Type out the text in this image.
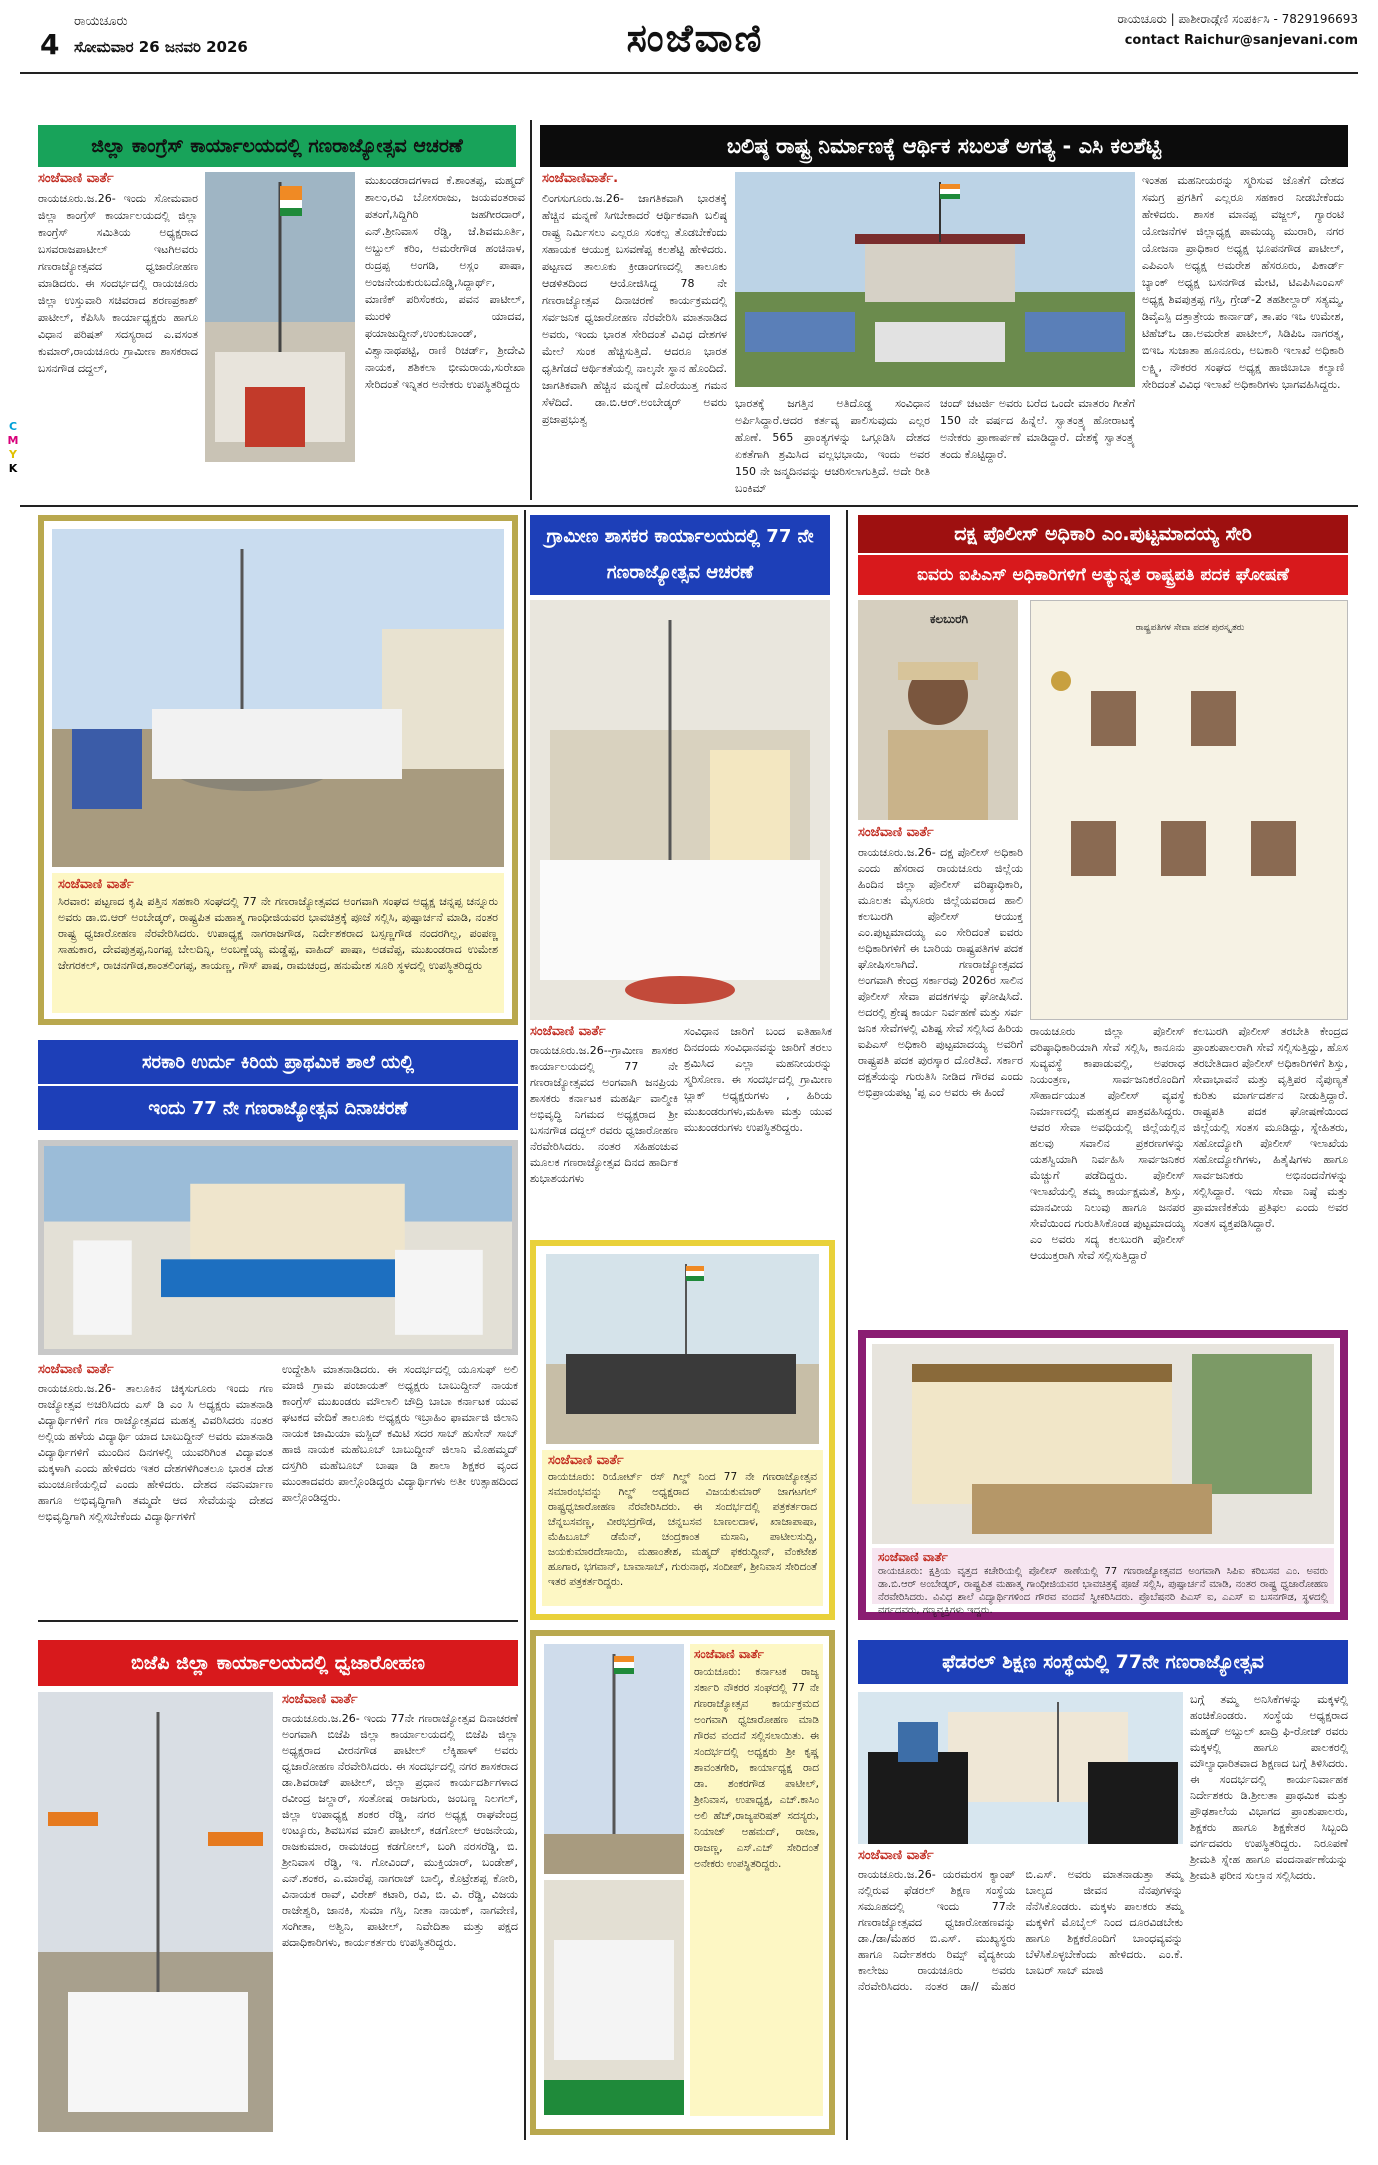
4
ರಾಯಚೂರು
ಸೋಮವಾರ 26 ಜನವರಿ 2026	ಸಂಜೆವಾಣಿ	ರಾಯಚೂರು | ಪಾಶೀರಾಡ್ಗೆಣಿ ಸಂಪರ್ಕಿಸಿ - 7829196693
contact Raichur@sanjevani.com
C
M
Y
K
ಜಿಲ್ಲಾ ಕಾಂಗ್ರೆಸ್ ಕಾರ್ಯಾಲಯದಲ್ಲಿ ಗಣರಾಜ್ಯೋತ್ಸವ ಆಚರಣೆ
ಸಂಜೆವಾಣಿ ವಾರ್ತೆ
ರಾಯಚೂರು.ಜ.26- ಇಂದು ಸೋಮವಾರ ಜಿಲ್ಲಾ ಕಾಂಗ್ರೆಸ್ ಕಾರ್ಯಾಲಯದಲ್ಲಿ ಜಿಲ್ಲಾ ಕಾಂಗ್ರೆಸ್ ಸಮಿತಿಯ ಅಧ್ಯಕ್ಷರಾದ ಬಸವರಾಜಪಾಟೀಲ್ ಇಟಗಿಅವರು ಗಣರಾಜ್ಯೋತ್ಸವದ ಧ್ವಜಾರೋಹಣ ಮಾಡಿದರು. ಈ ಸಂದರ್ಭದಲ್ಲಿ ರಾಯಚೂರು ಜಿಲ್ಲಾ ಉಸ್ತುವಾರಿ ಸಚಿವರಾದ ಶರಣಪ್ರಕಾಶ್ ಪಾಟೀಲ್, ಕೆಪಿಸಿಸಿ ಕಾರ್ಯಾಧ್ಯಕ್ಷರು ಹಾಗೂ ವಿಧಾನ ಪರಿಷತ್ ಸದಸ್ಯರಾದ ಎ.ವಸಂತ ಕುಮಾರ್,ರಾಯಚೂರು ಗ್ರಾಮೀಣ ಶಾಸಕರಾದ ಬಸನಗೌಡ ದದ್ದಲ್,
ಮುಖಂಡರಾದಗಳಾದ ಕೆ.ಶಾಂತಪ್ಪ, ಮಹ್ಮದ್ ಶಾಲಂ,ರವಿ ಬೋಸರಾಜು, ಜಯವಂತರಾವ ಪತಂಗೆ,ಸಿದ್ದಿಗಿರಿ ಜಹಗೀರದಾರ್, ಎನ್.ಶ್ರೀನಿವಾಸ ರೆಡ್ಡಿ, ಜೆ.ಶಿವಮೂರ್ತಿ, ಅಬ್ದುಲ್ ಕರಿಂ, ಅಮರೇಗೌಡ ಹಂಚಿನಾಳ, ರುದ್ರಪ್ಪ ಅಂಗಡಿ, ಅಸ್ಲಂ ಪಾಷಾ, ಅಂಜನೇಯಕುರುಬದೊಡ್ಡಿ,ಸಿದ್ದಾರ್ಥ್, ಮಾಣಿಕ್ ಪರಿಸೆಂಕರು, ಪವನ ಪಾಟೀಲ್, ಮುರಳಿ ಯಾದವ, ಫಯಾಜುದ್ದೀನ್,ಉಂಕುಬಾಂಡ್, ವಿಶ್ವಾನಾಥಪಟ್ಟಿ, ರಾಣಿ ರಿಚರ್ಡ್, ಶ್ರೀದೇವಿ ನಾಯಕ, ಶಶಿಕಲಾ ಭೀಮರಾಯ,ಸುರೇಖಾ ಸೇರಿದಂತೆ ಇನ್ನಿತರ ಅನೇಕರು ಉಪಸ್ಥಿತರಿದ್ದರು
ಬಲಿಷ್ಠ ರಾಷ್ಟ್ರ ನಿರ್ಮಾಣಕ್ಕೆ ಆರ್ಥಿಕ ಸಬಲತೆ ಅಗತ್ಯ - ಎಸಿ ಕಲಶೆಟ್ಟಿ
ಸಂಜೆವಾಣಿವಾರ್ತೆ.
ಲಿಂಗಸುಗೂರು.ಜ.26- ಜಾಗತಿಕವಾಗಿ ಭಾರತಕ್ಕೆ ಹೆಚ್ಚಿನ ಮನ್ನಣೆ ಸಿಗಬೇಕಾದರೆ ಆರ್ಥಿಕವಾಗಿ ಬಲಿಷ್ಠ ರಾಷ್ಟ್ರ ನಿರ್ಮಿಸಲು ಎಲ್ಲರೂ ಸಂಕಲ್ಪ ತೊಡಬೇಕೆಂದು ಸಹಾಯಕ ಆಯುಕ್ತ ಬಸವಣೆಪ್ಪ ಕಲಶೆಟ್ಟಿ ಹೇಳಿದರು. ಪಟ್ಟಣದ ತಾಲೂಕು ಕ್ರೀಡಾಂಗಣದಲ್ಲಿ ತಾಲೂಕು ಆಡಳಿತದಿಂದ ಆಯೋಜಿಸಿದ್ದ 78 ನೇ ಗಣರಾಜ್ಯೋತ್ಸವ ದಿನಾಚರಣೆ ಕಾರ್ಯಕ್ರಮದಲ್ಲಿ ಸರ್ವಜನಿಕ ಧ್ವಜಾರೋಹಣ ನೆರವೇರಿಸಿ ಮಾತನಾಡಿದ ಅವರು, ಇಂದು ಭಾರತ ಸೇರಿದಂತೆ ವಿವಿಧ ದೇಶಗಳ ಮೇಲೆ ಸುಂಕ ಹೆಚ್ಚಿಸುತ್ತಿದೆ. ಆದರೂ ಭಾರತ ಧೃತಿಗೆಡದೆ ಆರ್ಥಿಕತೆಯಲ್ಲಿ ನಾಲ್ಕನೇ ಸ್ಥಾನ ಹೊಂದಿದೆ. ಜಾಗತಿಕವಾಗಿ ಹೆಚ್ಚಿನ ಮನ್ನಣೆ ದೊರೆಯುತ್ತ ಗಮನ ಸೆಳೆದಿದೆ. ಡಾ.ಬಿ.ಆರ್.ಅಂಬೇಡ್ಕರ್ ಅವರು ಪ್ರಜಾಪ್ರಭುತ್ವ
ಭಾರತಕ್ಕೆ ಜಗತ್ತಿನ ಅತಿದೊಡ್ಡ ಸಂವಿಧಾನ ಅರ್ಪಿಸಿದ್ದಾರೆ.ಆದರ ಕರ್ತವ್ಯ ಪಾಲಿಸುವುದು ಎಲ್ಲರ ಹೊಣೆ. 565 ಪ್ರಾಂತ್ಯಗಳನ್ನು ಒಗ್ಗೂಡಿಸಿ ದೇಶದ ಏಕತೆಗಾಗಿ ಶ್ರಮಿಸಿದ ವಲ್ಲಭಭಾಯಿ, ಇಂದು ಅವರ 150 ನೇ ಜನ್ಮದಿನವನ್ನು ಆಚರಿಸಲಾಗುತ್ತಿದೆ. ಅದೇ ರೀತಿ ಬಂಕಿಮ್
ಚಂದ್ ಚಟರ್ಜಿ ಅವರು ಬರೆದ ಒಂದೇ ಮಾತರಂ ಗೀತೆಗೆ 150 ನೇ ವರ್ಷದ ಹಿನ್ನೆಲೆ. ಸ್ವಾತಂತ್ರ್ಯ ಹೋರಾಟಕ್ಕೆ ಅನೇಕರು ಪ್ರಾಣಾರ್ಪಣೆ ಮಾಡಿದ್ದಾರೆ. ದೇಶಕ್ಕೆ ಸ್ವಾತಂತ್ರ್ಯ ತಂದು ಕೊಟ್ಟಿದ್ದಾರೆ.
ಇಂತಹ ಮಹನೀಯರನ್ನು ಸ್ಮರಿಸುವ ಜೊತೆಗೆ ದೇಶದ ಸಮಗ್ರ ಪ್ರಗತಿಗೆ ಎಲ್ಲರೂ ಸಹಕಾರ ನೀಡಬೇಕೆಂದು ಹೇಳಿದರು. ಶಾಸಕ ಮಾನಪ್ಪ ವಜ್ಜಲ್, ಗ್ಯಾರಂಟಿ ಯೋಜನೆಗಳ ಜಿಲ್ಲಾಧ್ಯಕ್ಷ ಪಾಮಯ್ಯ ಮುರಾರಿ, ನಗರ ಯೋಜನಾ ಪ್ರಾಧಿಕಾರ ಅಧ್ಯಕ್ಷ ಭೂಪನಗೌಡ ಪಾಟೀಲ್, ಎಪಿಎಂಸಿ ಅಧ್ಯಕ್ಷ ಅಮರೇಶ ಹೆಸರೂರು, ಪಿಕಾರ್ಡ್ ಬ್ಯಾಂಕ್ ಅಧ್ಯಕ್ಷ ಬಸನಗೌಡ ಮೇಟಿ, ಟಿಎಪಿಸಿಎಂಎಸ್ ಅಧ್ಯಕ್ಷ ಶಿವಪುತ್ರಪ್ಪ ಗಸ್ತಿ, ಗ್ರೇಡ್-2 ತಹಶೀಲ್ದಾರ್ ಸತ್ಯಮ್ಮ, ಡಿವೈಎಸ್ಪಿ ದತ್ತಾತ್ರೇಯ ಕಾರ್ನಾಡ್, ತಾ.ಪಂ ಇಒ ಉಮೇಶ, ಟಿಹೆಚ್ಒ ಡಾ.ಅಮರೇಶ ಪಾಟೀಲ್, ಸಿಡಿಪಿಒ ನಾಗರತ್ನ, ಬಿಇಒ ಸುಜಾತಾ ಹೂನೂರು, ಅಬಕಾರಿ ಇಲಾಖೆ ಅಧಿಕಾರಿ ಲಕ್ಷ್ಮಿ, ನೌಕರರ ಸಂಘದ ಅಧ್ಯಕ್ಷ ಹಾಜಿಬಾಬಾ ಕಲ್ಯಾಣಿ ಸೇರಿದಂತೆ ವಿವಿಧ ಇಲಾಖೆ ಅಧಿಕಾರಿಗಳು ಭಾಗವಹಿಸಿದ್ದರು.
ಸಂಜೆವಾಣಿ ವಾರ್ತೆ
ಸಿರವಾರ: ಪಟ್ಟಣದ ಕೃಷಿ ಪತ್ತಿನ ಸಹಕಾರಿ ಸಂಘದಲ್ಲಿ 77 ನೇ ಗಣರಾಜ್ಯೋತ್ಸವದ ಅಂಗವಾಗಿ ಸಂಘದ ಅಧ್ಯಕ್ಷ ಚನ್ನಪ್ಪ ಚನ್ನೂರು ಅವರು ಡಾ.ಬಿ.ಆರ್ ಅಂಬೇಡ್ಕರ್, ರಾಷ್ಟ್ರಪಿತ ಮಹಾತ್ಮ ಗಾಂಧೀಜಿಯವರ ಭಾವಚಿತ್ರಕ್ಕೆ ಪೂಜೆ ಸಲ್ಲಿಸಿ, ಪುಷ್ಪಾರ್ಚನೆ ಮಾಡಿ, ನಂತರ ರಾಷ್ಟ್ರ ಧ್ವಜಾರೋಹಣ ನೆರವೇರಿಸಿದರು. ಉಪಾಧ್ಯಕ್ಷ ನಾಗರಾಜಗೌಡ, ನಿರ್ದೇಶಕರಾದ ಬಸ್ಸಣ್ಣಗೌಡ ನಂದರಗಿಲ್ಲ, ಪಂಪಣ್ಣ ಸಾಹುಕಾರ, ದೇವಪುತ್ರಪ್ಪ,ನಿಂಗಪ್ಪ ಬೇಲದಿನ್ನಿ, ಅಂಬಣ್ಣೆಯ್ಯ ಮಡ್ಡೆಪ್ಪ, ವಾಹಿದ್ ಪಾಷಾ, ಅಡವೆಪ್ಪ, ಮುಖಂಡರಾದ ಉಮೇಶ ಜೇಗರಕಲ್, ರಾಚನಗೌಡ,ಶಾಂತಲಿಂಗಪ್ಪ, ತಾಯಣ್ಣ, ಗೌಸ್ ಪಾಷ, ರಾಮಚಂದ್ರ, ಹನುಮೇಶ ಸೂರಿ ಸ್ಥಳದಲ್ಲಿ ಉಪಸ್ಥಿತರಿದ್ದರು
ಗ್ರಾಮೀಣ ಶಾಸಕರ ಕಾರ್ಯಾಲಯದಲ್ಲಿ 77 ನೇ ಗಣರಾಜ್ಯೋತ್ಸವ ಆಚರಣೆ
ಸಂಜೆವಾಣಿ ವಾರ್ತೆ
ರಾಯಚೂರು.ಜ.26--ಗ್ರಾಮೀಣ ಶಾಸಕರ ಕಾರ್ಯಾಲಯದಲ್ಲಿ 77 ನೇ ಗಣರಾಜ್ಯೋತ್ಸವದ ಅಂಗವಾಗಿ ಜನಪ್ರಿಯ ಶಾಸಕರು ಕರ್ನಾಟಕ ಮಹರ್ಷಿ ವಾಲ್ಮೀಕಿ ಅಭಿವೃದ್ಧಿ ನಿಗಮದ ಅಧ್ಯಕ್ಷರಾದ ಶ್ರೀ ಬಸನಗೌಡ ದದ್ದಲ್ ರವರು ಧ್ವಜಾರೋಹಣ ನೆರವೇರಿಸಿದರು. ನಂತರ ಸಹಿಹಂಚುವ ಮೂಲಕ ಗಣರಾಜ್ಯೋತ್ಸವ ದಿನದ ಹಾರ್ದಿಕ ಶುಭಾಶಯಗಳು
ಸಂವಿಧಾನ ಜಾರಿಗೆ ಬಂದ ಐತಿಹಾಸಿಕ ದಿನದಂದು ಸಂವಿಧಾನವನ್ನು ಜಾರಿಗೆ ತರಲು ಶ್ರಮಿಸಿದ ಎಲ್ಲಾ ಮಹನೀಯರನ್ನು ಸ್ಮರಿಸೋಣ. ಈ ಸಂದರ್ಭದಲ್ಲಿ ಗ್ರಾಮೀಣ ಬ್ಲಾಕ್ ಅಧ್ಯಕ್ಷರುಗಳು , ಹಿರಿಯ ಮುಖಂಡರುಗಳು,ಮಹಿಳಾ ಮತ್ತು ಯುವ ಮುಖಂಡರುಗಳು ಉಪಸ್ಥಿತರಿದ್ದರು.
ದಕ್ಷ ಪೊಲೀಸ್ ಅಧಿಕಾರಿ ಎಂ.ಪುಟ್ಟಮಾದಯ್ಯ ಸೇರಿ
ಐವರು ಐಪಿಎಸ್ ಅಧಿಕಾರಿಗಳಿಗೆ ಅತ್ಯುನ್ನತ ರಾಷ್ಟ್ರಪತಿ ಪದಕ ಘೋಷಣೆ
ಕಲಬುರಗಿ
ರಾಷ್ಟ್ರಪತಿಗಳ ಸೇವಾ ಪದಕ ಪುರಸ್ಕೃತರು
ಸಂಜೆವಾಣಿ ವಾರ್ತೆ
ರಾಯಚೂರು.ಜ.26- ದಕ್ಷ ಪೊಲೀಸ್ ಅಧಿಕಾರಿ ಎಂದು ಹೆಸರಾದ ರಾಯಚೂರು ಜಿಲ್ಲೆಯ ಹಿಂದಿನ ಜಿಲ್ಲಾ ಪೊಲೀಸ್ ವರಿಷ್ಠಾಧಿಕಾರಿ, ಮೂಲತಃ ಮೈಸೂರು ಜಿಲ್ಲೆಯವರಾದ ಹಾಲಿ ಕಲಬುರಗಿ ಪೊಲೀಸ್ ಆಯುಕ್ತ ಎಂ.ಪುಟ್ಟಮಾದಯ್ಯ ಎಂ ಸೇರಿದಂತೆ ಐವರು ಅಧಿಕಾರಿಗಳಿಗೆ ಈ ಬಾರಿಯ ರಾಷ್ಟ್ರಪತಿಗಳ ಪದಕ ಘೋಷಿಸಲಾಗಿದೆ. ಗಣರಾಜ್ಯೋತ್ಸವದ ಅಂಗವಾಗಿ ಕೇಂದ್ರ ಸರ್ಕಾರವು 2026ರ ಸಾಲಿನ ಪೊಲೀಸ್ ಸೇವಾ ಪದಕಗಳನ್ನು ಘೋಷಿಸಿದೆ. ಅದರಲ್ಲಿ ಶ್ರೇಷ್ಠ ಕಾರ್ಯ ನಿರ್ವಹಣೆ ಮತ್ತು ಸರ್ವ ಜನಿಕ ಸೇವೆಗಳಲ್ಲಿ ವಿಶಿಷ್ಟ ಸೇವೆ ಸಲ್ಲಿಸಿದ ಹಿರಿಯ ಐಪಿಎಸ್ ಅಧಿಕಾರಿ ಪುಟ್ಟಮಾದಯ್ಯ ಅವರಿಗೆ ರಾಷ್ಟ್ರಪತಿ ಪದಕ ಪುರಸ್ಕಾರ ದೊರೆತಿದೆ. ಸರ್ಕಾರ ದಕ್ಷತೆಯನ್ನು ಗುರುತಿಸಿ ನೀಡಿದ ಗೌರವ ಎಂದು ಅಭಿಪ್ರಾಯಪಟ್ಟ 'ಪ್ಪ ಎಂ ಅವರು ಈ ಹಿಂದೆ
ರಾಯಚೂರು ಜಿಲ್ಲಾ ಪೊಲೀಸ್ ವರಿಷ್ಠಾಧಿಕಾರಿಯಾಗಿ ಸೇವೆ ಸಲ್ಲಿಸಿ, ಕಾನೂನು ಸುವ್ಯವಸ್ಥೆ ಕಾಪಾಡುವಲ್ಲಿ, ಅಪರಾಧ ನಿಯಂತ್ರಣ, ಸಾರ್ವಜನಿಕರೊಂದಿಗೆ ಸೌಹಾರ್ದಯುತ ಪೊಲೀಸ್ ವ್ಯವಸ್ಥೆ ನಿರ್ಮಾಣದಲ್ಲಿ ಮಹತ್ವದ ಪಾತ್ರವಹಿಸಿದ್ದರು. ಆವರ ಸೇವಾ ಅವಧಿಯಲ್ಲಿ ಜಿಲ್ಲೆಯಲ್ಲಿನ ಹಲವು ಸವಾಲಿನ ಪ್ರಕರಣಗಳನ್ನು ಯಶಸ್ವಿಯಾಗಿ ನಿರ್ವಹಿಸಿ ಸಾರ್ವಜನಿಕರ ಮೆಚ್ಚುಗೆ ಪಡೆದಿದ್ದರು. ಪೊಲೀಸ್ ಇಲಾಖೆಯಲ್ಲಿ ತಮ್ಮ ಕಾರ್ಯಕ್ಷಮತೆ, ಶಿಸ್ತು, ಮಾನವೀಯ ನಿಲುವು ಹಾಗೂ ಜನಪರ ಸೇವೆಯಿಂದ ಗುರುತಿಸಿಕೊಂಡ ಪುಟ್ಟಮಾದಯ್ಯ ಎಂ ಅವರು ಸದ್ಯ ಕಲಬುರಗಿ ಪೊಲೀಸ್ ಆಯುಕ್ತರಾಗಿ ಸೇವೆ ಸಲ್ಲಿಸುತ್ತಿದ್ದಾರೆ
ಕಲಬುರಗಿ ಪೊಲೀಸ್ ತರಬೇತಿ ಕೇಂದ್ರದ ಪ್ರಾಂಶುಪಾಲರಾಗಿ ಸೇವೆ ಸಲ್ಲಿಸುತ್ತಿದ್ದು, ಹೊಸ ತರಬೇತಿದಾರ ಪೊಲೀಸ್ ಅಧಿಕಾರಿಗಳಿಗೆ ಶಿಸ್ತು, ಸೇವಾಭಾವನೆ ಮತ್ತು ವೃತ್ತಿಪರ ನೈಪುಣ್ಯತೆ ಕುರಿತು ಮಾರ್ಗದರ್ಶನ ನೀಡುತ್ತಿದ್ದಾರೆ. ರಾಷ್ಟ್ರಪತಿ ಪದಕ ಘೋಷಣೆಯಿಂದ ಜಿಲ್ಲೆಯಲ್ಲಿ ಸಂತಸ ಮೂಡಿದ್ದು, ಸ್ನೇಹಿತರು, ಸಹೋದ್ಯೋಗಿ ಪೊಲೀಸ್ ಇಲಾಖೆಯ ಸಹೋದ್ಯೋಗಿಗಳು, ಹಿತೈಷಿಗಳು ಹಾಗೂ ಸಾರ್ವಜನಿಕರು ಅಭಿನಂದನೆಗಳನ್ನು ಸಲ್ಲಿಸಿದ್ದಾರೆ. ಇದು ಸೇವಾ ನಿಷ್ಠೆ ಮತ್ತು ಪ್ರಾಮಾಣಿಕತೆಯ ಪ್ರತಿಫಲ ಎಂದು ಅವರ ಸಂತಸ ವ್ಯಕ್ತಪಡಿಸಿದ್ದಾರೆ.
ಸರಕಾರಿ ಉರ್ದು ಕಿರಿಯ ಪ್ರಾಥಮಿಕ ಶಾಲೆ ಯಲ್ಲಿ
ಇಂದು 77 ನೇ ಗಣರಾಜ್ಯೋತ್ಸವ ದಿನಾಚರಣೆ
ಸಂಜೆವಾಣಿ ವಾರ್ತೆ
ರಾಯಚೂರು.ಜ.26- ತಾಲೂಕಿನ ಚಿಕ್ಕಸುಗೂರು ಇಂದು ಗಣ ರಾಜ್ಯೋತ್ಸವ ಅಚರಿಸಿದರು ಎಸ್ ಡಿ ಎಂ ಸಿ ಅಧ್ಯಕ್ಷರು ಮಾತನಾಡಿ ವಿದ್ಯಾರ್ಥಿಗಳಿಗೆ ಗಣ ರಾಜ್ಯೋತ್ಸವದ ಮಹತ್ವ ವಿವರಿಸಿದರು ನಂತರ ಅಲ್ಲಿಯ ಹಳೆಯ ವಿದ್ಯಾರ್ಥಿ ಯಾದ ಬಾಬುದ್ದೀನ್ ಅವರು ಮಾತನಾಡಿ ವಿದ್ಯಾರ್ಥಿಗಳಿಗೆ ಮುಂದಿನ ದಿನಗಳಲ್ಲಿ ಯುವರಿಗಿಂತ ವಿದ್ಯಾವಂತ ಮಕ್ಕಳಾಗಿ ಎಂದು ಹೇಳಿದರು ಇತರ ದೇಶಗಳಿಗಿಂತಲೂ ಭಾರತ ದೇಶ ಮುಂಚೂಣಿಯಲ್ಲಿದೆ ಎಂದು ಹೇಳಿದರು. ದೇಶದ ನವನಿರ್ಮಾಣ ಹಾಗೂ ಅಭಿವೃದ್ಧಿಗಾಗಿ ತಮ್ಮದೇ ಆದ ಸೇವೆಯನ್ನು ದೇಶದ ಅಭಿವೃದ್ಧಿಗಾಗಿ ಸಲ್ಲಿಸಬೇಕೆಂದು ವಿದ್ಯಾರ್ಥಿಗಳಿಗೆ
ಉದ್ದೇಶಿಸಿ ಮಾತನಾಡಿದರು. ಈ ಸಂದರ್ಭದಲ್ಲಿ ಯೂಸುಫ್ ಅಲಿ ಮಾಜಿ ಗ್ರಾಮ ಪಂಚಾಯತ್ ಅಧ್ಯಕ್ಷರು ಬಾಬುದ್ದೀನ್ ನಾಯಕ ಕಾಂಗ್ರೆಸ್ ಮುಖಂಡರು ಮೌಲಾಲಿ ಚೌದ್ರಿ ಬಾಬಾ ಕರ್ನಾಟಕ ಯುವ ಘಟಕದ ವೇದಿಕೆ ತಾಲೂಕು ಅಧ್ಯಕ್ಷರು ಇಬ್ರಾಹಿಂ ಫಾರ್ಮಾಜಿ ಜಿಲಾನಿ ನಾಯಕ ಜಾಮಿಯಾ ಮಸ್ಜಿದ್ ಕಮಿಟಿ ಸದರ ಸಾಬ್ ಹುಸೇನ್ ಸಾಬ್ ಹಾಜಿ ನಾಯಕ ಮಹೆಬೂಬ್ ಬಾಬುದ್ದೀನ್ ಜಿಲಾನಿ ಮೊಹಮ್ಮದ್ ದಸ್ತಗಿರಿ ಮಹೆಬೂಬ್ ಬಾಷಾ ಡಿ ಶಾಲಾ ಶಿಕ್ಷಕರ ವೃಂದ ಮುಂತಾದವರು ಪಾಲ್ಗೊಂಡಿದ್ದರು ವಿದ್ಯಾರ್ಥಿಗಳು ಅತೀ ಉತ್ಸಾಹದಿಂದ ಪಾಲ್ಗೊಂಡಿದ್ದರು.
ಸಂಜೆವಾಣಿ ವಾರ್ತೆ
ರಾಯಚೂರು: ರಿಯೋರ್ಟ್ ರಸ್ ಗಿಲ್ಡ್ ನಿಂದ 77 ನೇ ಗಣರಾಜ್ಯೋತ್ಸವ ಸಮಾರಂಭವನ್ನು ಗಿಲ್ಡ್ ಅಧ್ಯಕ್ಷರಾದ ವಿಜಯಕುಮಾರ್ ಜಾಗಟಗಲ್ ರಾಷ್ಟ್ರಧ್ವಜಾರೋಹಣ ನೆರವೇರಿಸಿದರು. ಈ ಸಂದರ್ಭದಲ್ಲಿ ಪತ್ರಕರ್ತರಾದ ಚೆನ್ನಬಸವಣ್ಣ, ವೀರಭದ್ರಗೌಡ, ಚನ್ನಬಸವ ಬಾಣಲದಾಳ, ಖಾಜಾಪಾಷಾ, ಮೆಹಿಬೂಬ್ ಡೆಮೆನ್, ಚಂದ್ರಕಾಂತ ಮಸಾನಿ, ಪಾಟೀಲಸುದ್ದಿ, ಜಯಕುಮಾರದೇಸಾಯಿ, ಮಹಾಂತೇಶ, ಮಹ್ಮದ್ ಫಕರುದ್ದೀನ್, ವೆಂಕಟೇಶ ಹೂಗಾರ, ಭಗವಾನ್, ಬಾವಾಸಾಬ್, ಗುರುನಾಥ, ಸಂದೀಪ್, ಶ್ರೀನಿವಾಸ ಸೇರಿದಂತೆ ಇತರ ಪತ್ರಕರ್ತರಿದ್ದರು.
ಸಂಜೆವಾಣಿ ವಾರ್ತೆ
ರಾಯಚೂರು: ಕ್ಷತ್ರಿಯ ವೃತ್ತದ ಕಚೇರಿಯಲ್ಲಿ ಪೊಲೀಸ್ ಠಾಣೆಯಲ್ಲಿ 77 ಗಣರಾಜ್ಯೋತ್ಸವದ ಅಂಗವಾಗಿ ಸಿಪಿಐ ಕರಿಬಸವ ಎಂ. ಅವರು ಡಾ.ಬಿ.ಆರ್ ಅಂಬೇಡ್ಕರ್, ರಾಷ್ಟ್ರಪಿತ ಮಹಾತ್ಮ ಗಾಂಧೀಜಿಯವರ ಭಾವಚಿತ್ರಕ್ಕೆ ಪೂಜೆ ಸಲ್ಲಿಸಿ, ಪುಷ್ಪಾರ್ಚನೆ ಮಾಡಿ, ನಂತರ ರಾಷ್ಟ್ರ ಧ್ವಜಾರೋಹಣ ನೆರವೇರಿಸಿದರು. ವಿವಿಧ ಶಾಲೆ ವಿದ್ಯಾರ್ಥಿಗಳಿಂದ ಗೌರವ ವಂದನೆ ಸ್ವೀಕರಿಸಿದರು. ಪ್ರೊಬೆಷನರಿ ಪಿಎಸ್ ಐ, ಎಎಸ್ ಐ ಬಸನಗೌಡ, ಸ್ಥಳದಲ್ಲಿ ವರ್ಗದವರು, ಗಣ್ಯವ್ಯಕ್ತಿಗಳು ಇದ್ದರು.
ಬಿಜೆಪಿ ಜಿಲ್ಲಾ ಕಾರ್ಯಾಲಯದಲ್ಲಿ ಧ್ವಜಾರೋಹಣ
ಸಂಜೆವಾಣಿ ವಾರ್ತೆ
ರಾಯಚೂರು.ಜ.26- ಇಂದು 77ನೇ ಗಣರಾಜ್ಯೋತ್ಸವ ದಿನಾಚರಣೆ ಅಂಗವಾಗಿ ಬಿಜೆಪಿ ಜಿಲ್ಲಾ ಕಾರ್ಯಾಲಯದಲ್ಲಿ ಬಿಜೆಪಿ ಜಿಲ್ಲಾ ಅಧ್ಯಕ್ಷರಾದ ವೀರನಗೌಡ ಪಾಟೀಲ್ ಲೆಕ್ಕಿಹಾಳ್ ಅವರು ಧ್ವಜಾರೋಹಣ ನೆರವೇರಿಸಿದರು. ಈ ಸಂದರ್ಭದಲ್ಲಿ ನಗರ ಶಾಸಕರಾದ ಡಾ.ಶಿವರಾಜ್ ಪಾಟೀಲ್, ಜಿಲ್ಲಾ ಪ್ರಧಾನ ಕಾರ್ಯದರ್ಶಿಗಳಾದ ರವೀಂದ್ರ ಜಲ್ದಾರ್, ಸಂತೋಷ ರಾಜಗುರು, ಜಂಬಣ್ಣ ನಿಲಗಲ್, ಜಿಲ್ಲಾ ಉಪಾಧ್ಯಕ್ಷ ಶಂಕರ ರೆಡ್ಡಿ, ನಗರ ಅಧ್ಯಕ್ಷ ರಾಘವೇಂದ್ರ ಉಟ್ಕೂರು, ಶಿವಬಸವ ಮಾಲಿ ಪಾಟೀಲ್, ಕಡಗೋಲ್ ಆಂಜನೇಯ, ರಾಜಕುಮಾರ, ರಾಮಚಂದ್ರ ಕಡಗೋಲ್, ಬಂಗಿ ನರಸರೆಡ್ಡಿ, ಬಿ. ಶ್ರೀನಿವಾಸ ರೆಡ್ಡಿ, ಇ. ಗೋವಿಂದ್, ಮುಕ್ತಿಯಾರ್, ಬಂಡೇಶ್, ಎನ್.ಶಂಕರ, ಎ.ಮಾರೆಪ್ಪ ನಾಗರಾಜ್ ಬಾಲ್ಕಿ, ಕೊಟ್ರೇಶಪ್ಪ ಕೋರಿ, ವಿನಾಯಕ ರಾವ್, ವಿರೇಶ್ ಕಟಾರಿ, ರವಿ, ಬಿ. ವಿ. ರೆಡ್ಡಿ, ವಿಜಯ ರಾಜೇಶ್ವರಿ, ಜಾನಕಿ, ಸುಮಾ ಗಸ್ತಿ, ನೀತಾ ನಾಯಕ್, ನಾಗವೇಣಿ, ಸಂಗೀತಾ, ಅಶ್ವಿನಿ, ಪಾಟೀಲ್, ನಿವೇದಿತಾ ಮತ್ತು ಪಕ್ಷದ ಪದಾಧಿಕಾರಿಗಳು, ಕಾರ್ಯಕರ್ತರು ಉಪಸ್ಥಿತರಿದ್ದರು.
ಸಂಜೆವಾಣಿ ವಾರ್ತೆ
ರಾಯಚೂರು: ಕರ್ನಾಟಕ ರಾಜ್ಯ ಸರ್ಕಾರಿ ನೌಕರರ ಸಂಘದಲ್ಲಿ 77 ನೇ ಗಣರಾಜ್ಯೋತ್ಸವ ಕಾರ್ಯಕ್ರಮದ ಅಂಗವಾಗಿ ಧ್ವಜಾರೋಹಣ ಮಾಡಿ ಗೌರವ ವಂದನೆ ಸಲ್ಲಿಸಲಾಯಿತು. ಈ ಸಂದರ್ಭದಲ್ಲಿ ಅಧ್ಯಕ್ಷರು ಶ್ರೀ ಕೃಷ್ಣ ಶಾವಂತಗೇರಿ, ಕಾರ್ಯಾಧ್ಯಕ್ಷ ರಾದ ಡಾ. ಶಂಕರಗೌಡ ಪಾಟೀಲ್, ಶ್ರೀನಿವಾಸ, ಉಪಾಧ್ಯಕ್ಷ, ಎಚ್.ಕಾಸಿಂ ಅಲಿ ಹೆಚ್,ರಾಜ್ಯಪರಿಷತ್ ಸದಸ್ಯರು, ನಿಯಾಜ್ ಅಹಮದ್, ರಾಜಾ, ರಾಜಣ್ಣ, ಎಸ್.ಎಚ್ ಸೇರಿದಂತೆ ಅನೇಕರು ಉಪಸ್ಥಿತರಿದ್ದರು.
ಫೆಡರಲ್ ಶಿಕ್ಷಣ ಸಂಸ್ಥೆಯಲ್ಲಿ 77ನೇ ಗಣರಾಜ್ಯೋತ್ಸವ
ಬಗ್ಗೆ ತಮ್ಮ ಅನಿಸಿಕೆಗಳನ್ನು ಮಕ್ಕಳಲ್ಲಿ ಹಂಚಿಕೊಂಡರು. ಸಂಸ್ಥೆಯ ಅಧ್ಯಕ್ಷರಾದ ಮಹ್ಮದ್ ಅಬ್ದುಲ್ ಖಾದ್ರಿ ಫಿ-ರೋಜ್ ರವರು ಮಕ್ಕಳಲ್ಲಿ ಹಾಗೂ ಪಾಲಕರಲ್ಲಿ ಮೌಲ್ಯಾಧಾರಿತವಾದ ಶಿಕ್ಷಣದ ಬಗ್ಗೆ ತಿಳಿಸಿದರು. ಈ ಸಂದರ್ಭದಲ್ಲಿ ಕಾರ್ಯನಿರ್ವಾಹಕ ನಿರ್ದೇಶಕರು ಡಿ.ಶ್ರೀಲತಾ ಪ್ರಾಥಮಿಕ ಮತ್ತು ಪ್ರೌಢಶಾಲೆಯ ವಿಭಾಗದ ಪ್ರಾಂಶುಪಾಲರು, ಶಿಕ್ಷಕರು ಹಾಗೂ ಶಿಕ್ಷಕೇತರ ಸಿಬ್ಬಂದಿ ವರ್ಗದವರು ಉಪಸ್ಥಿತರಿದ್ದರು. ನಿರೂಪಣೆ ಶ್ರೀಮತಿ ಸ್ನೇಹ ಹಾಗೂ ವಂದನಾರ್ಪಣೆಯನ್ನು ಶ್ರೀಮತಿ ಫರೀನ ಸುಲ್ತಾನ ಸಲ್ಲಿಸಿದರು.
ಸಂಜೆವಾಣಿ ವಾರ್ತೆ
ರಾಯಚೂರು.ಜ.26- ಯರಮರಸ ಕ್ಯಾಂಪ್ ನಲ್ಲಿರುವ ಫೆಡರಲ್ ಶಿಕ್ಷಣ ಸಂಸ್ಥೆಯ ಸಮೂಹದಲ್ಲಿ ಇಂದು 77ನೇ ಗಣರಾಜ್ಯೋತ್ಸವದ ಧ್ವಜಾರೋಹಣವನ್ನು ಡಾ./ಡಾ/ಮೆಹರ ಬಿ.ಎಸ್. ಮುಖ್ಯಸ್ಥರು ಹಾಗೂ ನಿರ್ದೇಶಕರು ರಿಮ್ಸ್ ವೈದ್ಯಕೀಯ ಕಾಲೇಜು ರಾಯಚೂರು ಅವರು ನೆರವೇರಿಸಿದರು. ನಂತರ ಡಾ// ಮೆಹರ ಬಿ.ಎಸ್. ಅವರು ಮಾತನಾಡುತ್ತಾ ತಮ್ಮ ಬಾಲ್ಯದ ಜೀವನ ನೆನಪುಗಳನ್ನು ನೆನೆಸಿಕೊಂಡರು. ಮಕ್ಕಳು ಪಾಲಕರು ತಮ್ಮ ಮಕ್ಕಳಿಗೆ ಮೊಬೈಲ್ ನಿಂದ ದೂರವಿಡಬೇಕು ಹಾಗೂ ಶಿಕ್ಷಕರೊಂದಿಗೆ ಬಾಂಧವ್ಯವನ್ನು ಬೆಳೆಸಿಕೊಳ್ಳಬೇಕೆಂದು ಹೇಳಿದರು. ಎಂ.ಕೆ. ಬಾಬರ್ ಸಾಬ್ ಮಾಜಿ
